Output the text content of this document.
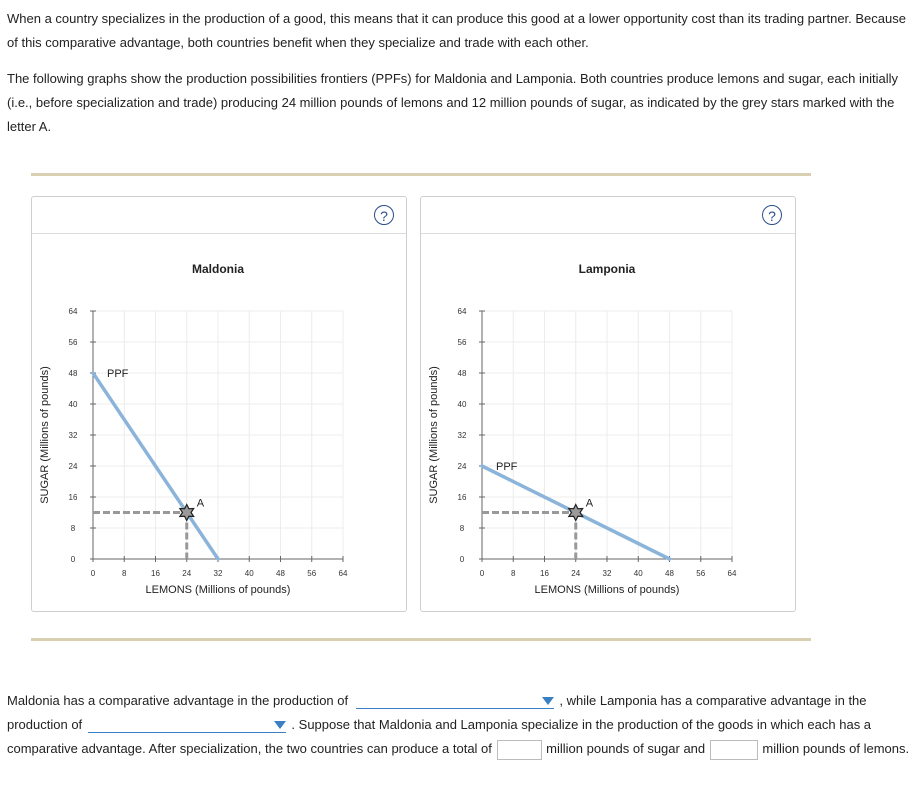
When a country specializes in the production of a good, this means that it can produce this good at a lower opportunity cost than its trading partner. Because of this comparative advantage, both countries benefit when they specialize and trade with each other.
The following graphs show the production possibilities frontiers (PPFs) for Maldonia and Lamponia. Both countries produce lemons and sugar, each initially (i.e., before specialization and trade) producing 24 million pounds of lemons and 12 million pounds of sugar, as indicated by the grey stars marked with the letter A.
?
Maldonia
0
8
16
24
32
40
48
56
64
0	8	16	24	32	40	48	56	64
LEMONS (Millions of pounds)
SUGAR (Millions of pounds)	PPF
A
?
Lamponia
0
8
16
24
32
40
48
56
64
0	8	16	24	32	40	48	56	64
LEMONS (Millions of pounds)
SUGAR (Millions of pounds)	PPF
A
Maldonia has a comparative advantage in the production of	, while Lamponia has a comparative advantage in the production of	. Suppose that Maldonia and Lamponia specialize in the production of the goods in which each has a comparative advantage. After specialization, the two countries can produce a total of	million pounds of sugar and	million pounds of lemons.
